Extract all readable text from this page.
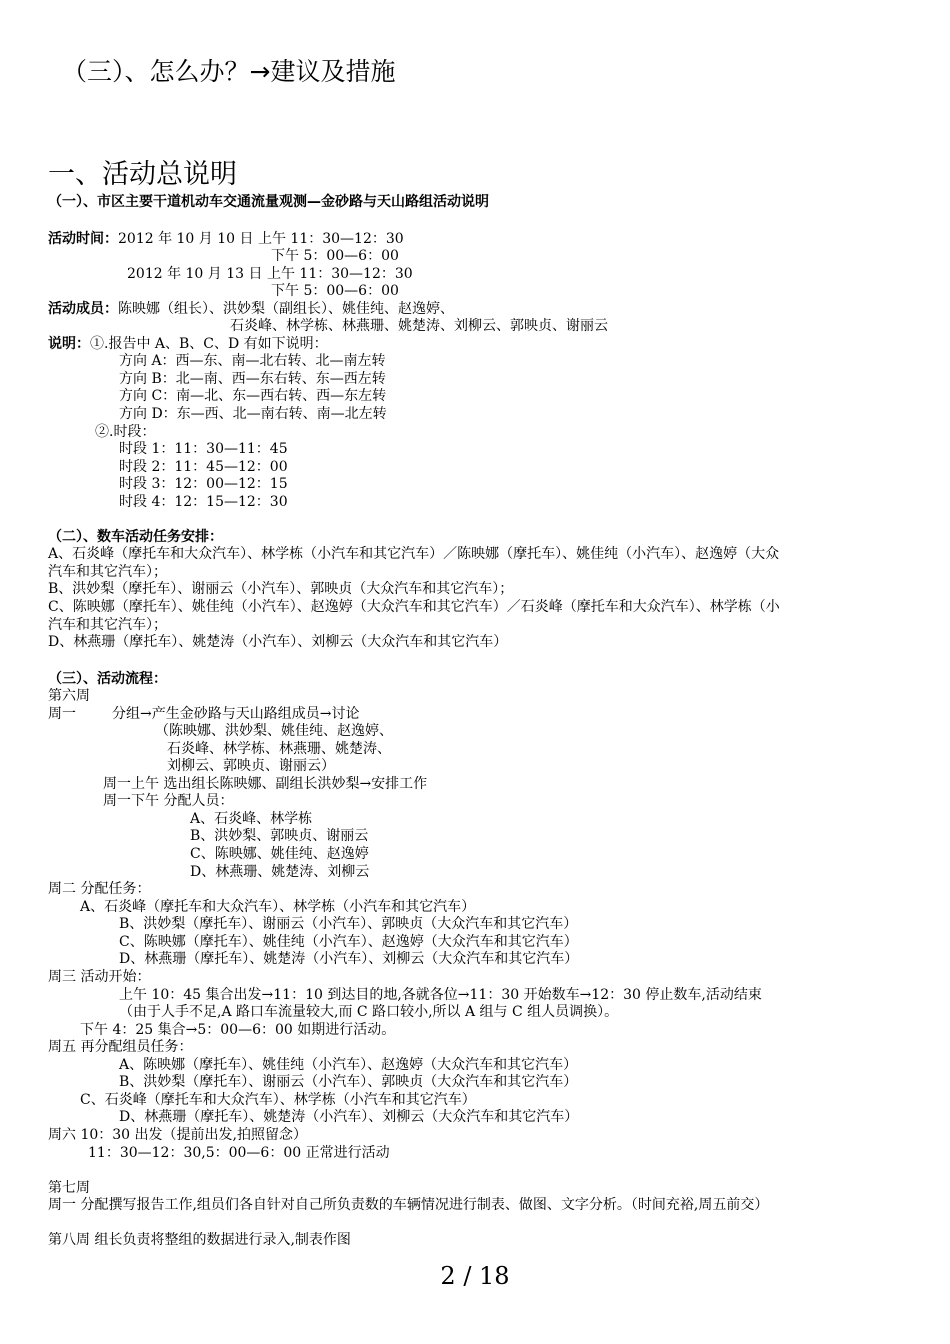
（三）、怎么办？→建议及措施
一、活动总说明
（一）、市区主要干道机动车交通流量观测—金砂路与天山路组活动说明
活动时间：2012 年 10 月 10 日 上午 11：30—12：30
下午 5：00—6：00
2012 年 10 月 13 日 上午 11：30—12：30
下午 5：00—6：00
活动成员：陈映娜（组长）、洪妙梨（副组长）、姚佳纯、赵逸婷、
石炎峰、林学栋、林燕珊、姚楚涛、刘柳云、郭映贞、谢丽云
说明：①.报告中 A、B、C、D 有如下说明：
方向 A：西—东、南—北右转、北—南左转
方向 B：北—南、西—东右转、东—西左转
方向 C：南—北、东—西右转、西—东左转
方向 D：东—西、北—南右转、南—北左转
②.时段：
时段 1：11：30—11：45
时段 2：11：45—12：00
时段 3：12：00—12：15
时段 4：12：15—12：30
（二）、数车活动任务安排：
A、石炎峰（摩托车和大众汽车）、林学栋（小汽车和其它汽车）／陈映娜（摩托车）、姚佳纯（小汽车）、赵逸婷（大众
汽车和其它汽车）；
B、洪妙梨（摩托车）、谢丽云（小汽车）、郭映贞（大众汽车和其它汽车）；
C、陈映娜（摩托车）、姚佳纯（小汽车）、赵逸婷（大众汽车和其它汽车）／石炎峰（摩托车和大众汽车）、林学栋（小
汽车和其它汽车）；
D、林燕珊（摩托车）、姚楚涛（小汽车）、刘柳云（大众汽车和其它汽车）
（三）、活动流程：
第六周
周一	分组→产生金砂路与天山路组成员→讨论
（陈映娜、洪妙梨、姚佳纯、赵逸婷、
石炎峰、林学栋、林燕珊、姚楚涛、
刘柳云、郭映贞、谢丽云）
周一上午 选出组长陈映娜、副组长洪妙梨→安排工作
周一下午 分配人员：
A、石炎峰、林学栋
B、洪妙梨、郭映贞、谢丽云
C、陈映娜、姚佳纯、赵逸婷
D、林燕珊、姚楚涛、刘柳云
周二 分配任务：
A、石炎峰（摩托车和大众汽车）、林学栋（小汽车和其它汽车）
B、洪妙梨（摩托车）、谢丽云（小汽车）、郭映贞（大众汽车和其它汽车）
C、陈映娜（摩托车）、姚佳纯（小汽车）、赵逸婷（大众汽车和其它汽车）
D、林燕珊（摩托车）、姚楚涛（小汽车）、刘柳云（大众汽车和其它汽车）
周三 活动开始：
上午 10：45 集合出发→11：10 到达目的地,各就各位→11：30 开始数车→12：30 停止数车,活动结束
（由于人手不足,A 路口车流量较大,而 C 路口较小,所以 A 组与 C 组人员调换）。
下午 4：25 集合→5：00—6：00 如期进行活动。
周五 再分配组员任务：
A、陈映娜（摩托车）、姚佳纯（小汽车）、赵逸婷（大众汽车和其它汽车）
B、洪妙梨（摩托车）、谢丽云（小汽车）、郭映贞（大众汽车和其它汽车）
C、石炎峰（摩托车和大众汽车）、林学栋（小汽车和其它汽车）
D、林燕珊（摩托车）、姚楚涛（小汽车）、刘柳云（大众汽车和其它汽车）
周六 10：30 出发（提前出发,拍照留念）
11：30—12：30,5：00—6：00 正常进行活动
第七周
周一 分配撰写报告工作,组员们各自针对自己所负责数的车辆情况进行制表、做图、文字分析。（时间充裕,周五前交）
第八周 组长负责将整组的数据进行录入,制表作图
2 / 18
